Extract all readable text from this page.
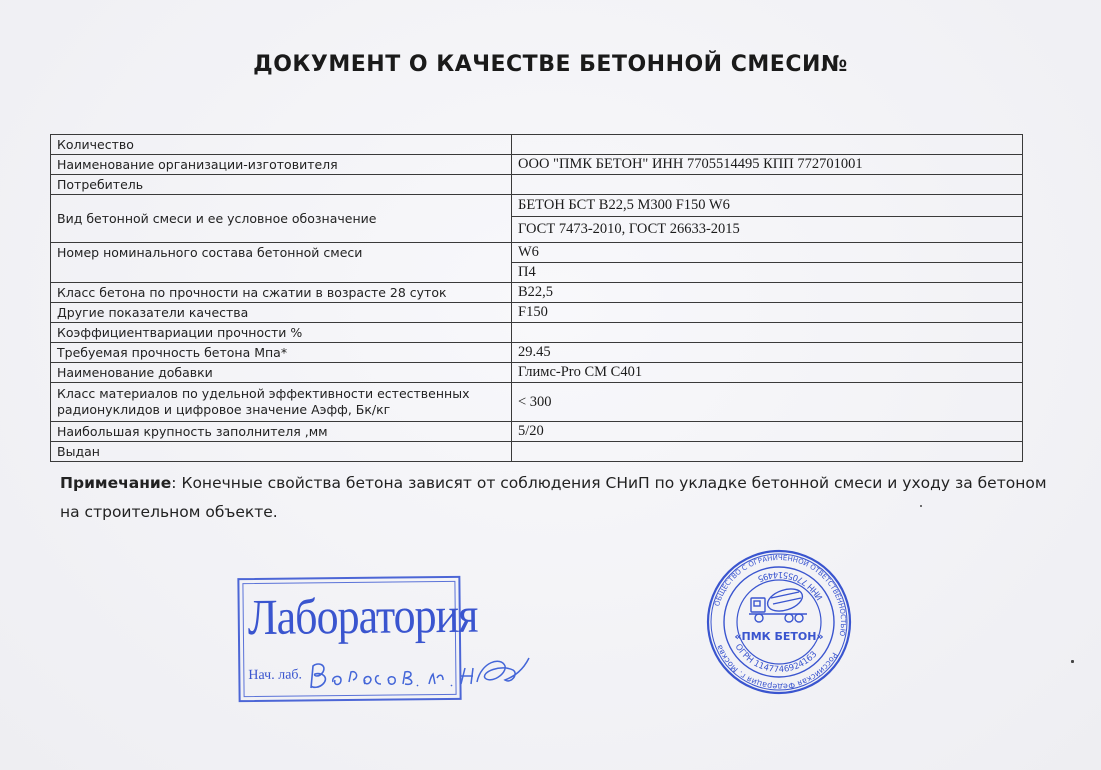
ДОКУМЕНТ О КАЧЕСТВЕ БЕТОННОЙ СМЕСИ№
Количество	
Наименование организации-изготовителя	ООО "ПМК БЕТОН" ИНН 7705514495 КПП 772701001
Потребитель	
Вид бетонной смеси и ее условное обозначение	БЕТОН БСТ В22,5 М300 F150 W6
	ГОСТ 7473-2010, ГОСТ 26633-2015
Номер номинального состава бетонной смеси	W6
	П4
Класс бетона по прочности на сжатии в возрасте 28 суток	B22,5
Другие показатели качества	F150
Коэффициентвариации прочности %	
Требуемая прочность бетона Мпа*	29.45
Наименование добавки	Глимс-Pro CM C401
Класс материалов по удельной эффективности естественных радионуклидов и цифровое значение Аэфф, Бк/кг	< 300
Наибольшая крупность заполнителя ,мм	5/20
Выдан	
Примечание: Конечные свойства бетона зависят от соблюдения СНиП по укладке бетонной смеси и уходу за бетоном на строительном объекте.
Лаборатория
Нач. лаб.
ОБЩЕСТВО С ОГРАНИЧЕННОЙ ОТВЕТСТВЕННОСТЬЮ
Российская Федерация г. Москва ОГРН 1147746924163
ИНН 7705514495
«ПМК БЕТОН»
